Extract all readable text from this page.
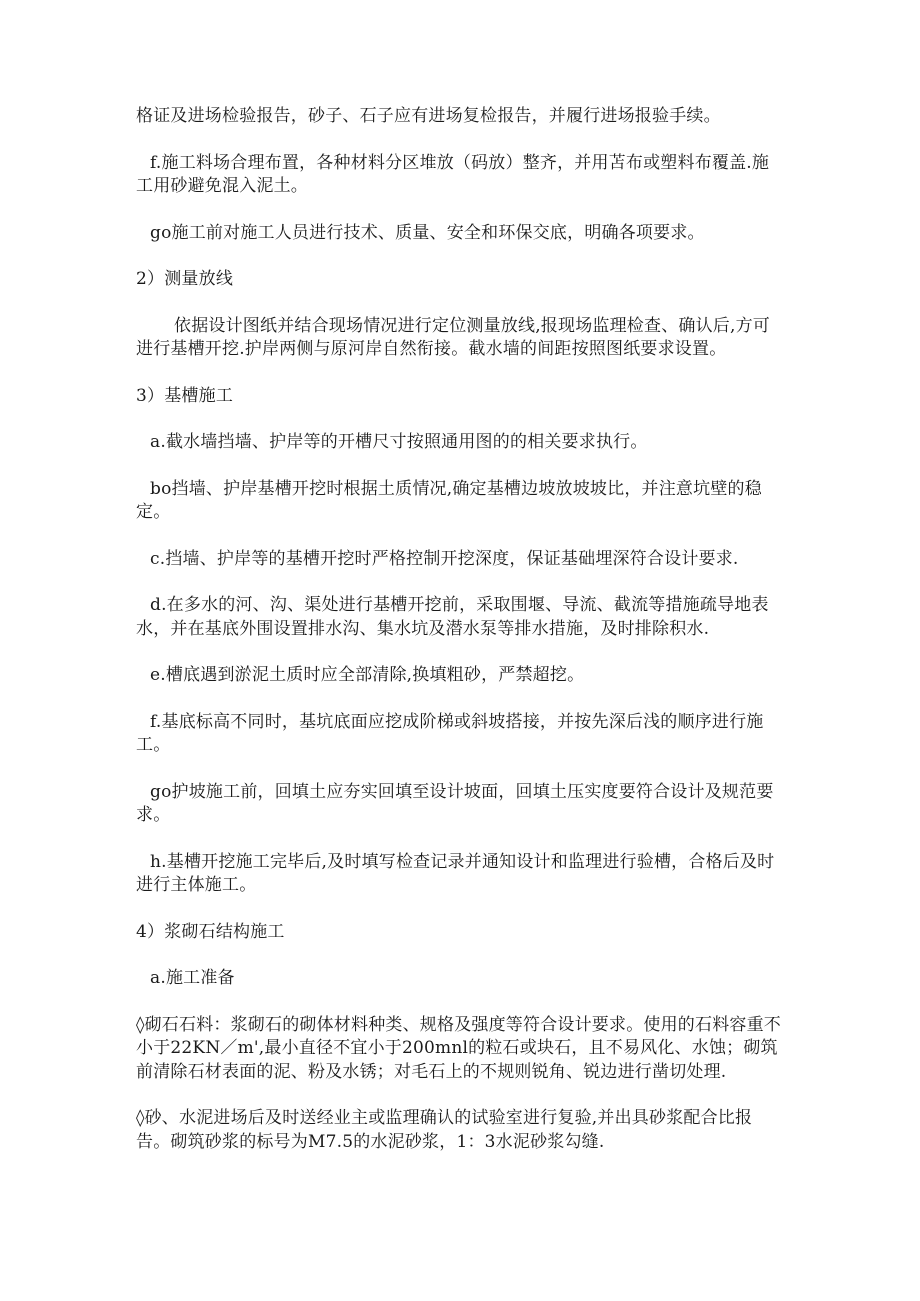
格证及进场检验报告，砂子、石子应有进场复检报告，并履行进场报验手续。

f.施工料场合理布置，各种材料分区堆放（码放）整齐，并用苫布或塑料布覆盖.施工用砂避免混入泥土。

go施工前对施工人员进行技术、质量、安全和环保交底，明确各项要求。

2）测量放线

依据设计图纸并结合现场情况进行定位测量放线,报现场监理检查、确认后,方可进行基槽开挖.护岸两侧与原河岸自然衔接。截水墙的间距按照图纸要求设置。

3）基槽施工

a.截水墙挡墙、护岸等的开槽尺寸按照通用图的的相关要求执行。

bo挡墙、护岸基槽开挖时根据土质情况,确定基槽边坡放坡坡比，并注意坑壁的稳定。

c.挡墙、护岸等的基槽开挖时严格控制开挖深度，保证基础埋深符合设计要求.

d.在多水的河、沟、渠处进行基槽开挖前，采取围堰、导流、截流等措施疏导地表水，并在基底外围设置排水沟、集水坑及潜水泵等排水措施，及时排除积水.

e.槽底遇到淤泥土质时应全部清除,换填粗砂，严禁超挖。

f.基底标高不同时，基坑底面应挖成阶梯或斜坡搭接，并按先深后浅的顺序进行施工。

go护坡施工前，回填土应夯实回填至设计坡面，回填土压实度要符合设计及规范要求。

h.基槽开挖施工完毕后,及时填写检查记录并通知设计和监理进行验槽，合格后及时进行主体施工。

4）浆砌石结构施工

a.施工准备

◊砌石石料：浆砌石的砌体材料种类、规格及强度等符合设计要求。使用的石料容重不小于22KN／m',最小直径不宜小于200mnl的粒石或块石，且不易风化、水蚀；砌筑前清除石材表面的泥、粉及水锈；对毛石上的不规则锐角、锐边进行凿切处理.

◊砂、水泥进场后及时送经业主或监理确认的试验室进行复验,并出具砂浆配合比报告。砌筑砂浆的标号为M7.5的水泥砂浆，1：3水泥砂浆勾缝.
